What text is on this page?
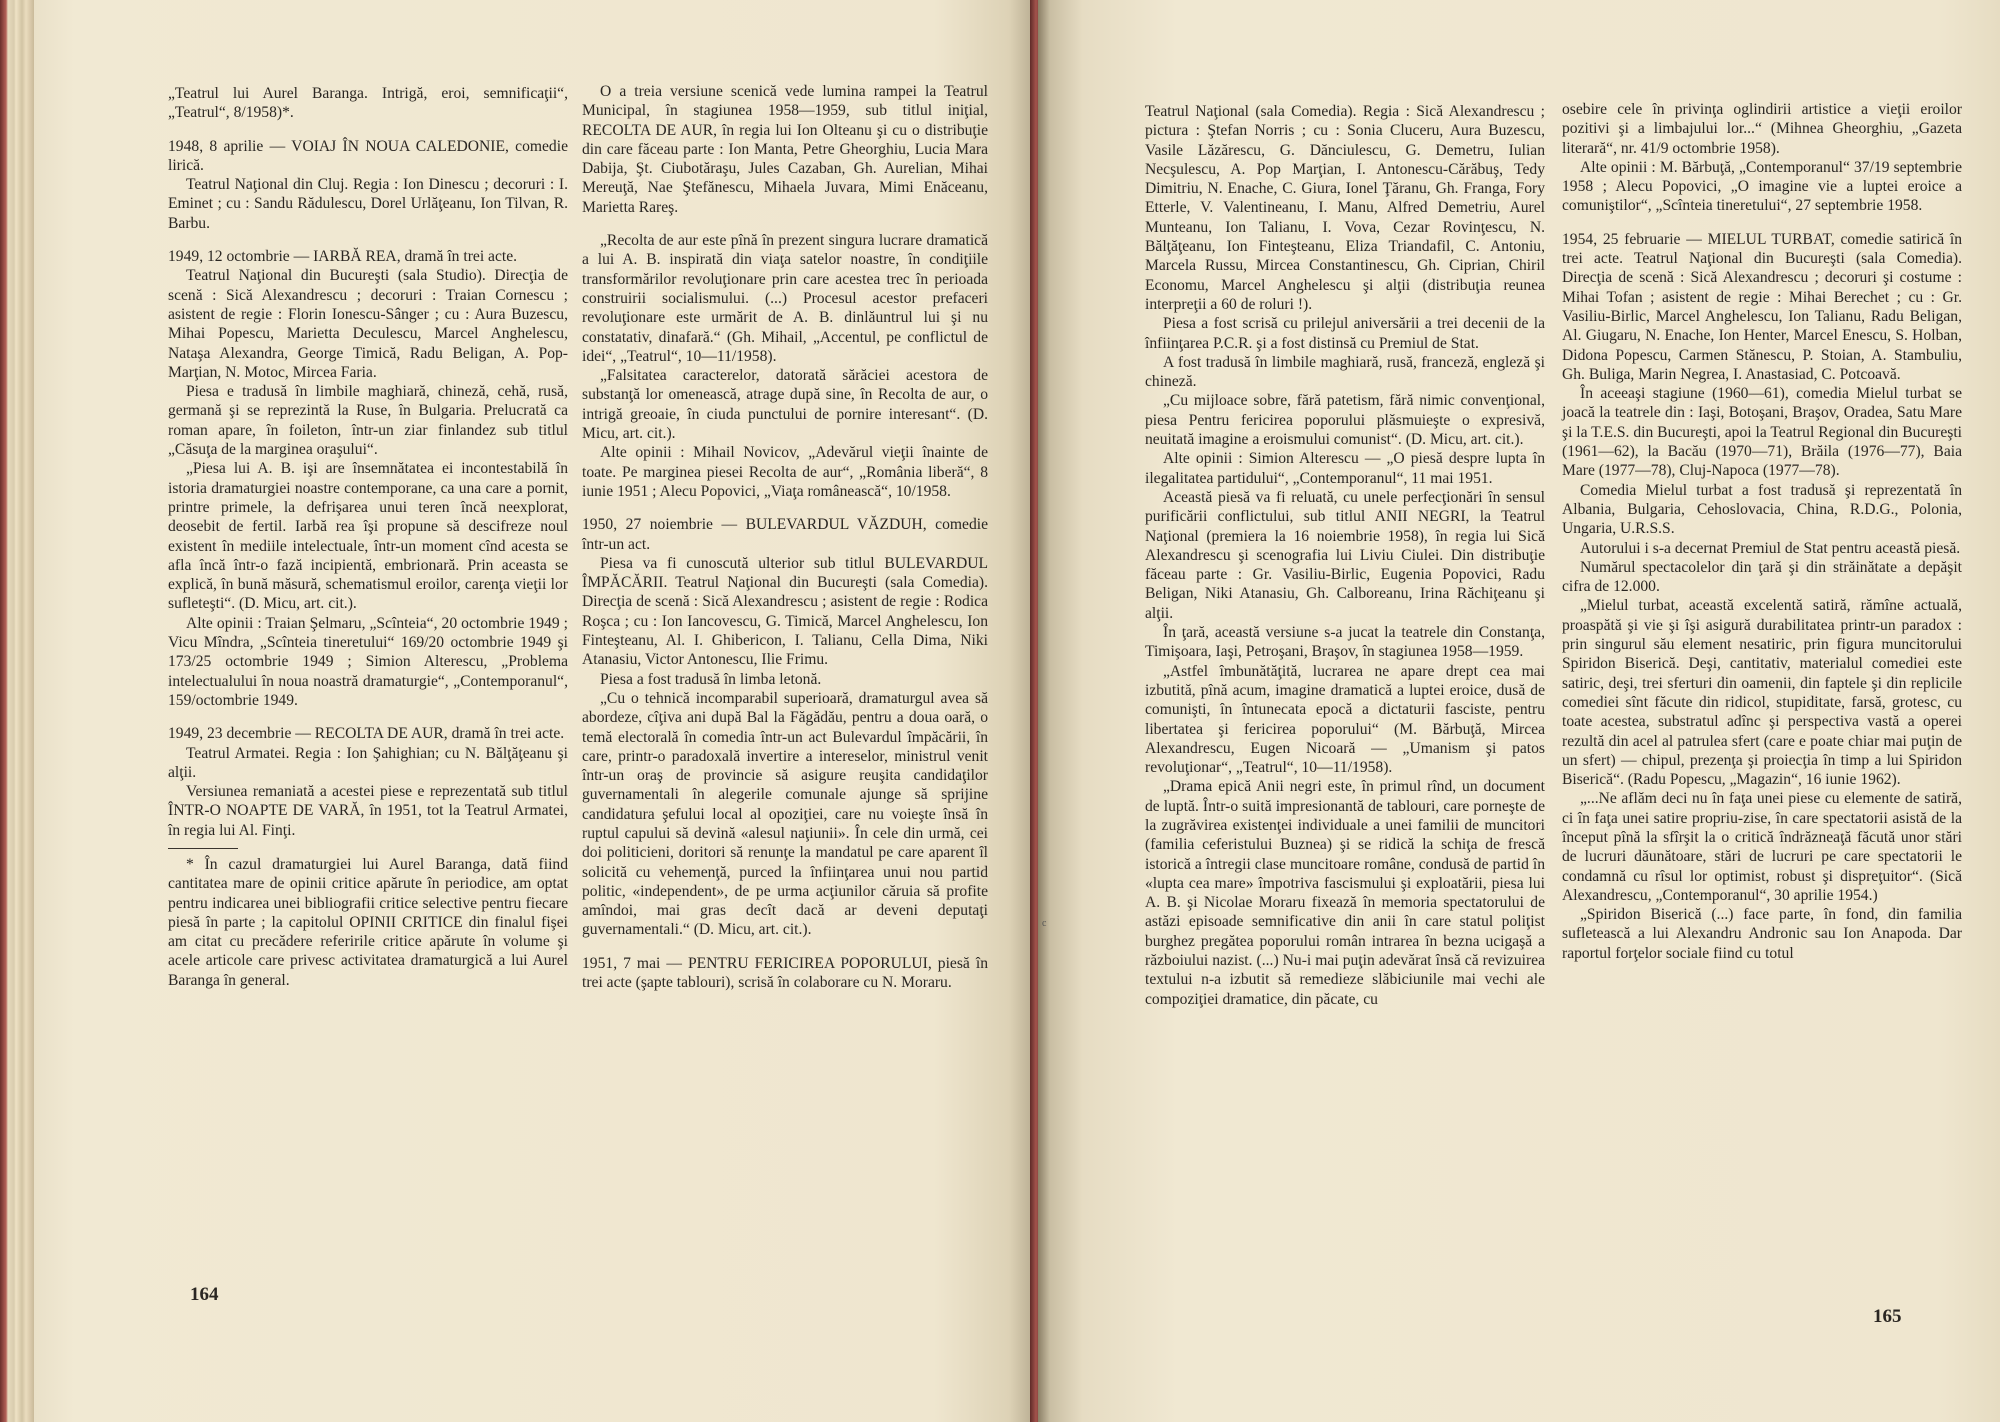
„Teatrul lui Aurel Baranga. Intrigă, eroi, semnificaţii“, „Teatrul“, 8/1958)*.

1948, 8 aprilie — VOIAJ ÎN NOUA CALEDONIE, comedie lirică.

Teatrul Naţional din Cluj. Regia : Ion Dinescu ; decoruri : I. Eminet ; cu : Sandu Rădulescu, Dorel Urlăţeanu, Ion Tilvan, R. Barbu.

1949, 12 octombrie — IARBĂ REA, dramă în trei acte.

Teatrul Naţional din Bucureşti (sala Studio). Direcţia de scenă : Sică Alexandrescu ; decoruri : Traian Cornescu ; asistent de regie : Florin Ionescu-Sânger ; cu : Aura Buzescu, Mihai Popescu, Marietta Deculescu, Marcel Anghelescu, Nataşa Alexandra, George Timică, Radu Beligan, A. Pop-Marţian, N. Motoc, Mircea Faria.

Piesa e tradusă în limbile maghiară, chineză, cehă, rusă, germană şi se reprezintă la Ruse, în Bulgaria. Prelucrată ca roman apare, în foileton, într-un ziar finlandez sub titlul „Căsuţa de la marginea oraşului“.

„Piesa lui A. B. işi are însemnătatea ei incontestabilă în istoria dramaturgiei noastre contemporane, ca una care a pornit, printre primele, la defrişarea unui teren încă neexplorat, deosebit de fertil. Iarbă rea îşi propune să descifreze noul existent în mediile intelectuale, într-un moment cînd acesta se afla încă într-o fază incipientă, embrionară. Prin aceasta se explică, în bună măsură, schematismul eroilor, carenţa vieţii lor sufleteşti“. (D. Micu, art. cit.).

Alte opinii : Traian Şelmaru, „Scînteia“, 20 octombrie 1949 ; Vicu Mîndra, „Scînteia tineretului“ 169/20 octombrie 1949 şi 173/25 octombrie 1949 ; Simion Alterescu, „Problema intelectualului în noua noastră dramaturgie“, „Contemporanul“, 159/octombrie 1949.

1949, 23 decembrie — RECOLTA DE AUR, dramă în trei acte.

Teatrul Armatei. Regia : Ion Şahighian; cu N. Bălţăţeanu şi alţii.

Versiunea remaniată a acestei piese e reprezentată sub titlul ÎNTR-O NOAPTE DE VARĂ, în 1951, tot la Teatrul Armatei, în regia lui Al. Finţi.

* În cazul dramaturgiei lui Aurel Baranga, dată fiind cantitatea mare de opinii critice apărute în periodice, am optat pentru indicarea unei bibliografii critice selective pentru fiecare piesă în parte ; la capitolul OPINII CRITICE din finalul fişei am citat cu precădere referirile critice apărute în volume şi acele articole care privesc activitatea dramaturgică a lui Aurel Baranga în general.

O a treia versiune scenică vede lumina rampei la Teatrul Municipal, în stagiunea 1958—1959, sub titlul iniţial, RECOLTA DE AUR, în regia lui Ion Olteanu şi cu o distribuţie din care făceau parte : Ion Manta, Petre Gheorghiu, Lucia Mara Dabija, Şt. Ciubotăraşu, Jules Cazaban, Gh. Aurelian, Mihai Mereuţă, Nae Ştefănescu, Mihaela Juvara, Mimi Enăceanu, Marietta Rareş.

„Recolta de aur este pînă în prezent singura lucrare dramatică a lui A. B. inspirată din viaţa satelor noastre, în condiţiile transformărilor revoluţionare prin care acestea trec în perioada construirii socialismului. (...) Procesul acestor prefaceri revoluţionare este urmărit de A. B. dinlăuntrul lui şi nu constatativ, dinafară.“ (Gh. Mihail, „Accentul, pe conflictul de idei“, „Teatrul“, 10—11/1958).

„Falsitatea caracterelor, datorată sărăciei acestora de substanţă lor omenească, atrage după sine, în Recolta de aur, o intrigă greoaie, în ciuda punctului de pornire interesant“. (D. Micu, art. cit.).

Alte opinii : Mihail Novicov, „Adevărul vieţii înainte de toate. Pe marginea piesei Recolta de aur“, „România liberă“, 8 iunie 1951 ; Alecu Popovici, „Viaţa românească“, 10/1958.

1950, 27 noiembrie — BULEVARDUL VĂZDUH, comedie într-un act.

Piesa va fi cunoscută ulterior sub titlul BULEVARDUL ÎMPĂCĂRII. Teatrul Naţional din Bucureşti (sala Comedia). Direcţia de scenă : Sică Alexandrescu ; asistent de regie : Rodica Roşca ; cu : Ion Iancovescu, G. Timică, Marcel Anghelescu, Ion Finteşteanu, Al. I. Ghibericon, I. Talianu, Cella Dima, Niki Atanasiu, Victor Antonescu, Ilie Frimu.

Piesa a fost tradusă în limba letonă.

„Cu o tehnică incomparabil superioară, dramaturgul avea să abordeze, cîţiva ani după Bal la Făgădău, pentru a doua oară, o temă electorală în comedia într-un act Bulevardul împăcării, în care, printr-o paradoxală invertire a intereselor, ministrul venit într-un oraş de provincie să asigure reuşita candidaţilor guvernamentali în alegerile comunale ajunge să sprijine candidatura şefului local al opoziţiei, care nu voieşte însă în ruptul capului să devină «alesul naţiunii». În cele din urmă, cei doi politicieni, doritori să renunţe la mandatul pe care aparent îl solicită cu vehemenţă, purced la înfiinţarea unui nou partid politic, «independent», de pe urma acţiunilor căruia să profite amîndoi, mai gras decît dacă ar deveni deputaţi guvernamentali.“ (D. Micu, art. cit.).

1951, 7 mai — PENTRU FERICIREA POPORULUI, piesă în trei acte (şapte tablouri), scrisă în colaborare cu N. Moraru.

Teatrul Naţional (sala Comedia). Regia : Sică Alexandrescu ; pictura : Ştefan Norris ; cu : Sonia Cluceru, Aura Buzescu, Vasile Lăzărescu, G. Dănciulescu, G. Demetru, Iulian Necşulescu, A. Pop Marţian, I. Antonescu-Cărăbuş, Tedy Dimitriu, N. Enache, C. Giura, Ionel Ţăranu, Gh. Franga, Fory Etterle, V. Valentineanu, I. Manu, Alfred Demetriu, Aurel Munteanu, Ion Talianu, I. Vova, Cezar Rovinţescu, N. Bălţăţeanu, Ion Finteşteanu, Eliza Triandafil, C. Antoniu, Marcela Russu, Mircea Constantinescu, Gh. Ciprian, Chiril Economu, Marcel Anghelescu şi alţii (distribuţia reunea interpreţii a 60 de roluri !).

Piesa a fost scrisă cu prilejul aniversării a trei decenii de la înfiinţarea P.C.R. şi a fost distinsă cu Premiul de Stat.

A fost tradusă în limbile maghiară, rusă, franceză, engleză şi chineză.

„Cu mijloace sobre, fără patetism, fără nimic convenţional, piesa Pentru fericirea poporului plăsmuieşte o expresivă, neuitată imagine a eroismului comunist“. (D. Micu, art. cit.).

Alte opinii : Simion Alterescu — „O piesă despre lupta în ilegalitatea partidului“, „Contemporanul“, 11 mai 1951.

Această piesă va fi reluată, cu unele perfecţionări în sensul purificării conflictului, sub titlul ANII NEGRI, la Teatrul Naţional (premiera la 16 noiembrie 1958), în regia lui Sică Alexandrescu şi scenografia lui Liviu Ciulei. Din distribuţie făceau parte : Gr. Vasiliu-Birlic, Eugenia Popovici, Radu Beligan, Niki Atanasiu, Gh. Calboreanu, Irina Răchiţeanu şi alţii.

În ţară, această versiune s-a jucat la teatrele din Constanţa, Timişoara, Iaşi, Petroşani, Braşov, în stagiunea 1958—1959.

„Astfel îmbunătăţită, lucrarea ne apare drept cea mai izbutită, pînă acum, imagine dramatică a luptei eroice, dusă de comunişti, în întunecata epocă a dictaturii fasciste, pentru libertatea şi fericirea poporului“ (M. Bărbuţă, Mircea Alexandrescu, Eugen Nicoară — „Umanism şi patos revoluţionar“, „Teatrul“, 10—11/1958).

„Drama epică Anii negri este, în primul rînd, un document de luptă. Într-o suită impresionantă de tablouri, care porneşte de la zugrăvirea existenţei individuale a unei familii de muncitori (familia ceferistului Buznea) şi se ridică la schiţa de frescă istorică a întregii clase muncitoare române, condusă de partid în «lupta cea mare» împotriva fascismului şi exploatării, piesa lui A. B. şi Nicolae Moraru fixează în memoria spectatorului de astăzi episoade semnificative din anii în care statul poliţist burghez pregătea poporului român intrarea în bezna ucigaşă a războiului nazist. (...) Nu-i mai puţin adevărat însă că revizuirea textului n-a izbutit să remedieze slăbiciunile mai vechi ale compoziţiei dramatice, din păcate, cu

osebire cele în privinţa oglindirii artistice a vieţii eroilor pozitivi şi a limbajului lor...“ (Mihnea Gheorghiu, „Gazeta literară“, nr. 41/9 octombrie 1958).

Alte opinii : M. Bărbuţă, „Contemporanul“ 37/19 septembrie 1958 ; Alecu Popovici, „O imagine vie a luptei eroice a comuniştilor“, „Scînteia tineretului“, 27 septembrie 1958.

1954, 25 februarie — MIELUL TURBAT, comedie satirică în trei acte. Teatrul Naţional din Bucureşti (sala Comedia). Direcţia de scenă : Sică Alexandrescu ; decoruri şi costume : Mihai Tofan ; asistent de regie : Mihai Berechet ; cu : Gr. Vasiliu-Birlic, Marcel Anghelescu, Ion Talianu, Radu Beligan, Al. Giugaru, N. Enache, Ion Henter, Marcel Enescu, S. Holban, Didona Popescu, Carmen Stănescu, P. Stoian, A. Stambuliu, Gh. Buliga, Marin Negrea, I. Anastasiad, C. Potcoavă.

În aceeaşi stagiune (1960—61), comedia Mielul turbat se joacă la teatrele din : Iaşi, Botoşani, Braşov, Oradea, Satu Mare şi la T.E.S. din Bucureşti, apoi la Teatrul Regional din Bucureşti (1961—62), la Bacău (1970—71), Brăila (1976—77), Baia Mare (1977—78), Cluj-Napoca (1977—78).

Comedia Mielul turbat a fost tradusă şi reprezentată în Albania, Bulgaria, Cehoslovacia, China, R.D.G., Polonia, Ungaria, U.R.S.S.

Autorului i s-a decernat Premiul de Stat pentru această piesă.

Numărul spectacolelor din ţară şi din străinătate a depăşit cifra de 12.000.

„Mielul turbat, această excelentă satiră, rămîne actuală, proaspătă şi vie şi îşi asigură durabilitatea printr-un paradox : prin singurul său element nesatiric, prin figura muncitorului Spiridon Biserică. Deşi, cantitativ, materialul comediei este satiric, deşi, trei sferturi din oamenii, din faptele şi din replicile comediei sînt făcute din ridicol, stupiditate, farsă, grotesc, cu toate acestea, substratul adînc şi perspectiva vastă a operei rezultă din acel al patrulea sfert (care e poate chiar mai puţin de un sfert) — chipul, prezenţa şi proiecţia în timp a lui Spiridon Biserică“. (Radu Popescu, „Magazin“, 16 iunie 1962).

„...Ne aflăm deci nu în faţa unei piese cu elemente de satiră, ci în faţa unei satire propriu-zise, în care spectatorii asistă de la început pînă la sfîrşit la o critică îndrăzneaţă făcută unor stări de lucruri dăunătoare, stări de lucruri pe care spectatorii le condamnă cu rîsul lor optimist, robust şi dispreţuitor“. (Sică Alexandrescu, „Contemporanul“, 30 aprilie 1954.)

„Spiridon Biserică (...) face parte, în fond, din familia sufletească a lui Alexandru Andronic sau Ion Anapoda. Dar raportul forţelor sociale fiind cu totul

164
165
c
